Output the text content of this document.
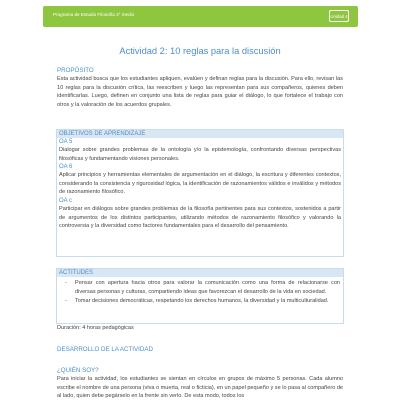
Programa de Estudio Filosofía 3° medio	Unidad 4
Actividad 2: 10 reglas para la discusión
PROPÓSITO
Esta actividad busca que los estudiantes apliquen, evalúen y definan reglas para la discusión. Para ello, revisan las 10 reglas para la discusión crítica, las reescriben y luego las representan para sus compañeros, quienes deben identificarlas. Luego, definen en conjunto una lista de reglas para guiar el diálogo, lo que fortalece el trabajo con otros y la valoración de los acuerdos grupales.
OBJETIVOS DE APRENDIZAJE
OA 5
Dialogar sobre grandes problemas de la ontología y/o la epistemología, confrontando diversas perspectivas filosóficas y fundamentando visiones personales.
OA 6
Aplicar principios y herramientas elementales de argumentación en el diálogo, la escritura y diferentes contextos, considerando la consistencia y rigurosidad lógica, la identificación de razonamientos válidos e inválidos y métodos de razonamiento filosófico.
OA c
Participar en diálogos sobre grandes problemas de la filosofía pertinentes para sus contextos, sostenidos a partir de argumentos de los distintos participantes, utilizando métodos de razonamiento filosófico y valorando la controversia y la diversidad como factores fundamentales para el desarrollo del pensamiento.
ACTITUDES
- Pensar con apertura hacia otros para valorar la comunicación como una forma de relacionarse con diversas personas y culturas, compartiendo ideas que favorezcan el desarrollo de la vida en sociedad.
- Tomar decisiones democráticas, respetando los derechos humanos, la diversidad y la multiculturalidad.
Duración: 4 horas pedagógicas
DESARROLLO DE LA ACTIVIDAD
¿QUIÉN SOY?
Para iniciar la actividad, los estudiantes se sientan en círculos en grupos de máximo 5 personas. Cada alumno escribe el nombre de una persona (viva o muerta, real o ficticia), en un papel pequeño y se lo pasa al compañero de al lado, quien debe pegárselo en la frente sin verlo. De esta modo, todos los
